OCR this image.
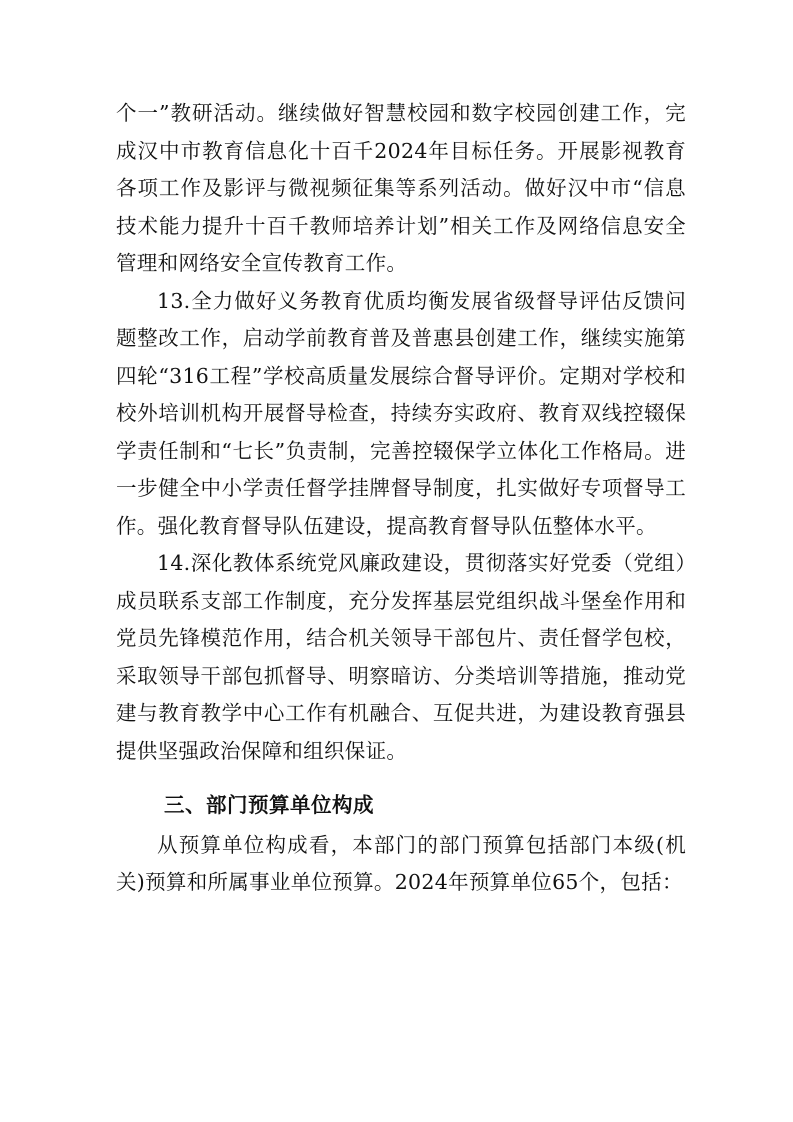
个一”教研活动。继续做好智慧校园和数字校园创建工作，完成汉中市教育信息化十百千2024年目标任务。开展影视教育各项工作及影评与微视频征集等系列活动。做好汉中市“信息技术能力提升十百千教师培养计划”相关工作及网络信息安全管理和网络安全宣传教育工作。

13.全力做好义务教育优质均衡发展省级督导评估反馈问题整改工作，启动学前教育普及普惠县创建工作，继续实施第四轮“316工程”学校高质量发展综合督导评价。定期对学校和校外培训机构开展督导检查，持续夯实政府、教育双线控辍保学责任制和“七长”负责制，完善控辍保学立体化工作格局。进一步健全中小学责任督学挂牌督导制度，扎实做好专项督导工作。强化教育督导队伍建设，提高教育督导队伍整体水平。

14.深化教体系统党风廉政建设，贯彻落实好党委（党组）成员联系支部工作制度，充分发挥基层党组织战斗堡垒作用和党员先锋模范作用，结合机关领导干部包片、责任督学包校，采取领导干部包抓督导、明察暗访、分类培训等措施，推动党建与教育教学中心工作有机融合、互促共进，为建设教育强县提供坚强政治保障和组织保证。

三、部门预算单位构成

从预算单位构成看，本部门的部门预算包括部门本级(机关)预算和所属事业单位预算。2024年预算单位65个，包括：
